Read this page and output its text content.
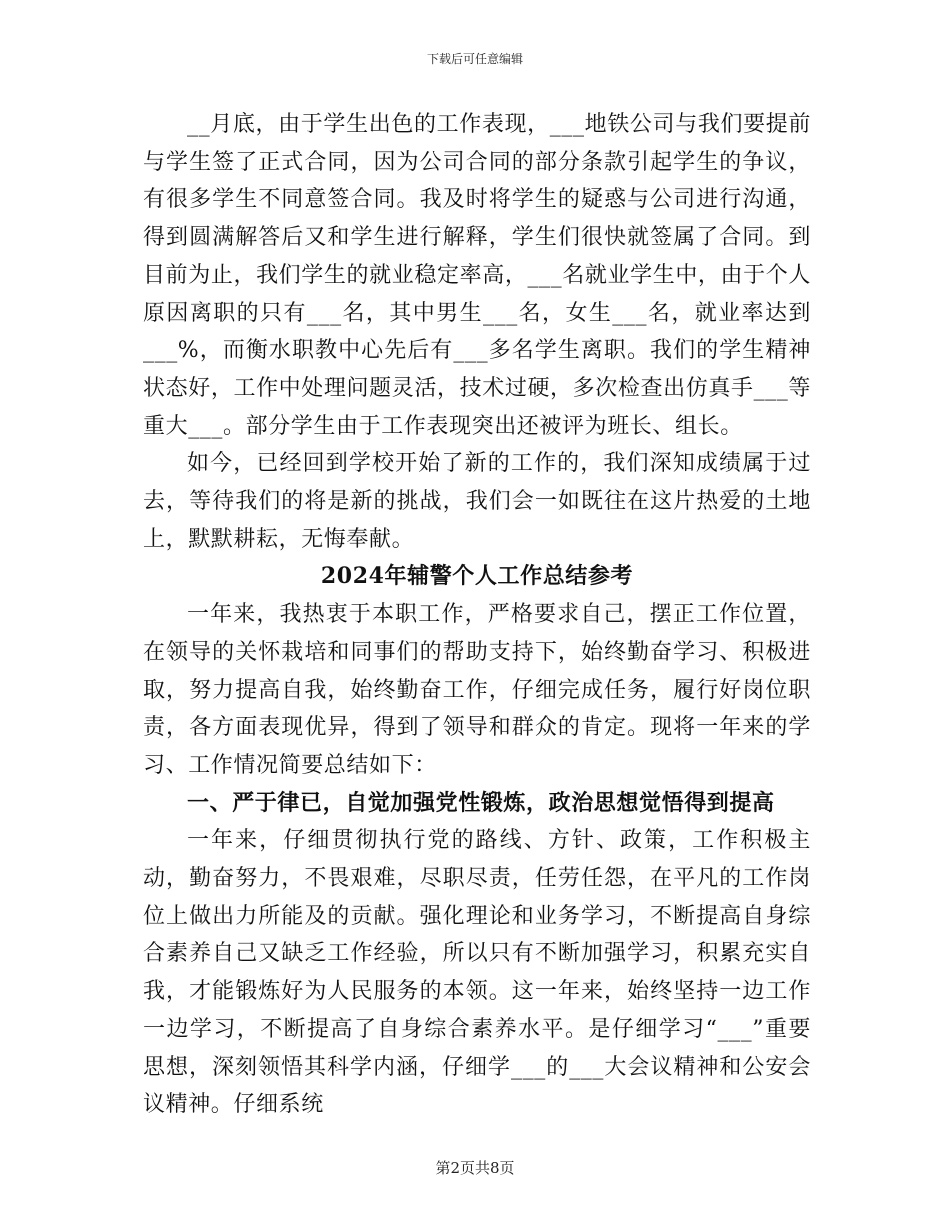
下载后可任意编辑

__月底，由于学生出色的工作表现，___地铁公司与我们要提前与学生签了正式合同，因为公司合同的部分条款引起学生的争议，有很多学生不同意签合同。我及时将学生的疑惑与公司进行沟通，得到圆满解答后又和学生进行解释，学生们很快就签属了合同。到目前为止，我们学生的就业稳定率高，___名就业学生中，由于个人原因离职的只有___名，其中男生___名，女生___名，就业率达到___%，而衡水职教中心先后有___多名学生离职。我们的学生精神状态好，工作中处理问题灵活，技术过硬，多次检查出仿真手___等重大___。部分学生由于工作表现突出还被评为班长、组长。

如今，已经回到学校开始了新的工作的，我们深知成绩属于过去，等待我们的将是新的挑战，我们会一如既往在这片热爱的土地上，默默耕耘，无悔奉献。

2024年辅警个人工作总结参考

一年来，我热衷于本职工作，严格要求自己，摆正工作位置，在领导的关怀栽培和同事们的帮助支持下，始终勤奋学习、积极进取，努力提高自我，始终勤奋工作，仔细完成任务，履行好岗位职责，各方面表现优异，得到了领导和群众的肯定。现将一年来的学习、工作情况简要总结如下：

一、严于律已，自觉加强党性锻炼，政治思想觉悟得到提高

一年来，仔细贯彻执行党的路线、方针、政策，工作积极主动，勤奋努力，不畏艰难，尽职尽责，任劳任怨，在平凡的工作岗位上做出力所能及的贡献。强化理论和业务学习，不断提高自身综合素养自己又缺乏工作经验，所以只有不断加强学习，积累充实自我，才能锻炼好为人民服务的本领。这一年来，始终坚持一边工作一边学习，不断提高了自身综合素养水平。是仔细学习“___”重要思想，深刻领悟其科学内涵，仔细学___的___大会议精神和公安会议精神。仔细系统

第2页共8页
